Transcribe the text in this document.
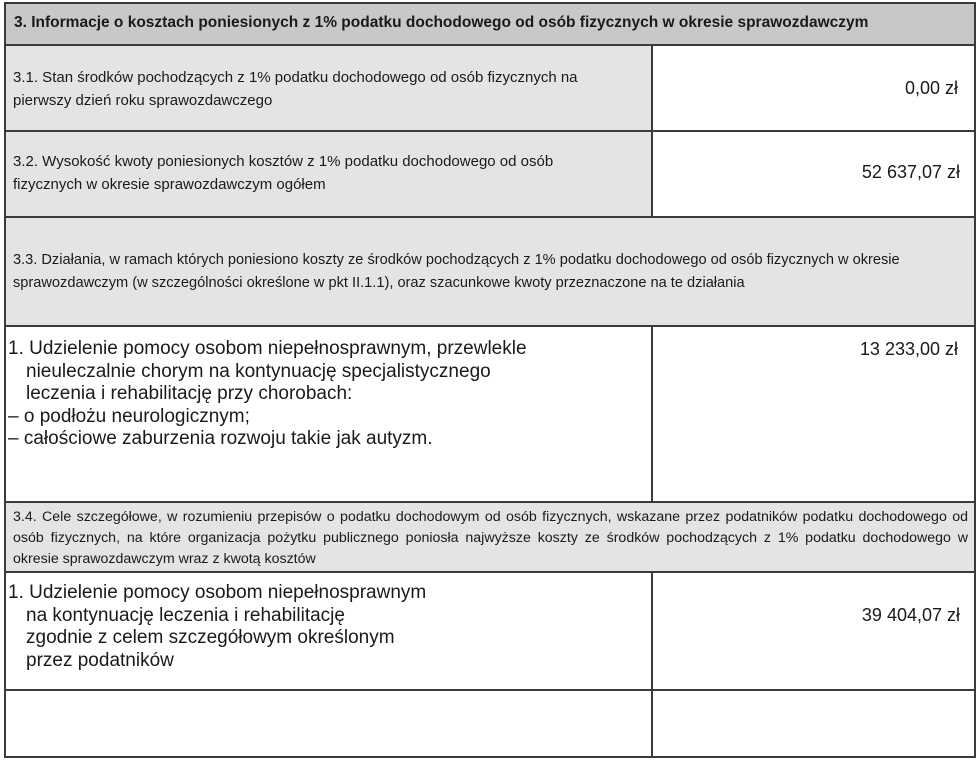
3. Informacje o kosztach poniesionych z 1% podatku dochodowego od osób fizycznych w okresie sprawozdawczym
3.1. Stan środków pochodzących z 1% podatku dochodowego od osób fizycznych na pierwszy dzień roku sprawozdawczego
0,00 zł
3.2. Wysokość kwoty poniesionych kosztów z 1% podatku dochodowego od osób fizycznych w okresie sprawozdawczym ogółem
52 637,07 zł
3.3. Działania, w ramach których poniesiono koszty ze środków pochodzących z 1% podatku dochodowego od osób fizycznych w okresie sprawozdawczym (w szczególności określone w pkt II.1.1), oraz szacunkowe kwoty przeznaczone na te działania
1. Udzielenie pomocy osobom niepełnosprawnym, przewlekle
nieuleczalnie chorym na kontynuację specjalistycznego
leczenia i rehabilitację przy chorobach:
– o podłożu neurologicznym;
– całościowe zaburzenia rozwoju takie jak autyzm.
13 233,00 zł
3.4. Cele szczegółowe, w rozumieniu przepisów o podatku dochodowym od osób fizycznych, wskazane przez podatników podatku dochodowego od osób fizycznych, na które organizacja pożytku publicznego poniosła najwyższe koszty ze środków pochodzących z 1% podatku dochodowego w okresie sprawozdawczym wraz z kwotą kosztów
1. Udzielenie pomocy osobom niepełnosprawnym
na kontynuację leczenia i rehabilitację
zgodnie z celem szczegółowym określonym
przez podatników
39 404,07 zł
